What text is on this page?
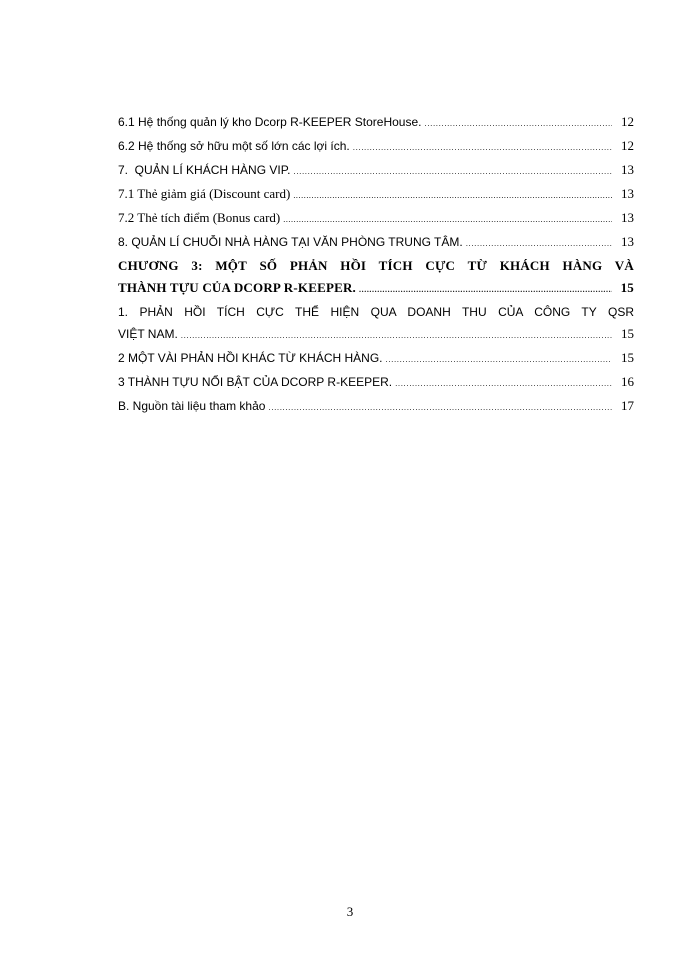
6.1 Hệ thống quản lý kho Dcorp R-KEEPER StoreHouse. .....	12
6.2 Hệ thống sở hữu một số lớn các lợi ích. .....	12
7.  QUẢN LÍ KHÁCH HÀNG VIP. .....	13
7.1 Thẻ giảm giá (Discount card) .....	13
7.2 Thẻ tích điểm (Bonus card) .....	13
8. QUẢN LÍ CHUỖI NHÀ HÀNG TẠI VĂN PHÒNG TRUNG TÂM. .....	13
CHƯƠNG 3: MỘT SỐ PHẢN HỒI TÍCH CỰC TỪ KHÁCH HÀNG VÀ
THÀNH TỰU CỦA DCORP R-KEEPER. .....	15
1. PHẢN HỒI TÍCH CỰC THỂ HIỆN QUA DOANH THU CỦA CÔNG TY QSR
VIỆT NAM. .....	15
2 MỘT VÀI PHẢN HỒI KHÁC TỪ KHÁCH HÀNG. .....	15
3 THÀNH TỰU NỔI BẬT CỦA DCORP R-KEEPER. .....	16
B. Nguồn tài liệu tham khảo .....	17
3
